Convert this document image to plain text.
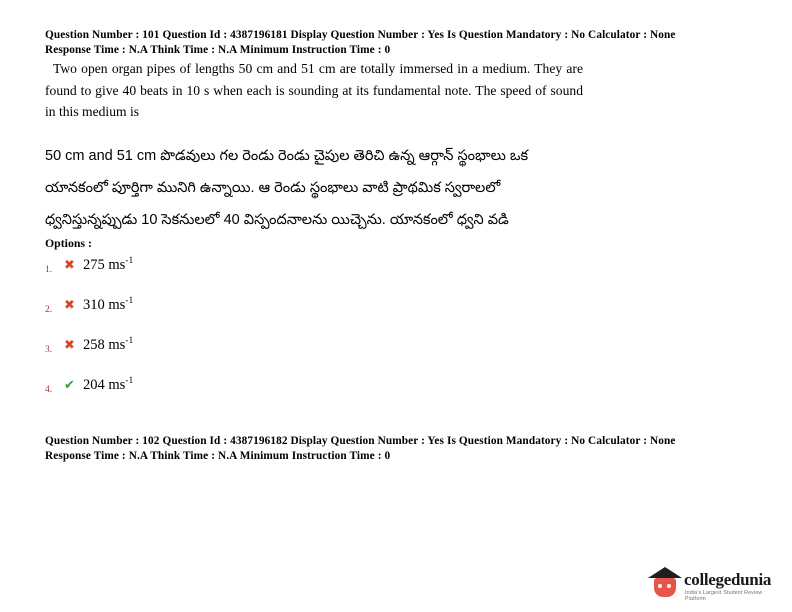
Question Number : 101 Question Id : 4387196181 Display Question Number : Yes Is Question Mandatory : No Calculator : None
Response Time : N.A Think Time : N.A Minimum Instruction Time : 0
Two open organ pipes of lengths 50 cm and 51 cm are totally immersed in a medium. They are found to give 40 beats in 10 s when each is sounding at its fundamental note. The speed of sound in this medium is
50 cm and 51 cm పొడవులు గల రెండు రెండు చైపుల తెరిచి ఉన్న ఆర్గాన్ స్థంభాలు ఒక
యానకంలో పూర్తిగా మునిగి ఉన్నాయి. ఆ రెండు స్థంభాలు వాటి ప్రాథమిక స్వరాలలో
ధ్వనిస్తున్నప్పుడు 10 సెకనులలో 40 విస్పందనాలను యిచ్చెను. యానకంలో ధ్వని వడి
Options :
1. ✖ 275 $ms^{-1}$
2. ✖ 310 $ms^{-1}$
3. ✖ 258 $ms^{-1}$
4. ✔ 204 $ms^{-1}$
Question Number : 102 Question Id : 4387196182 Display Question Number : Yes Is Question Mandatory : No Calculator : None
Response Time : N.A Think Time : N.A Minimum Instruction Time : 0
collegedunia
India's Largest Student Review Platform
